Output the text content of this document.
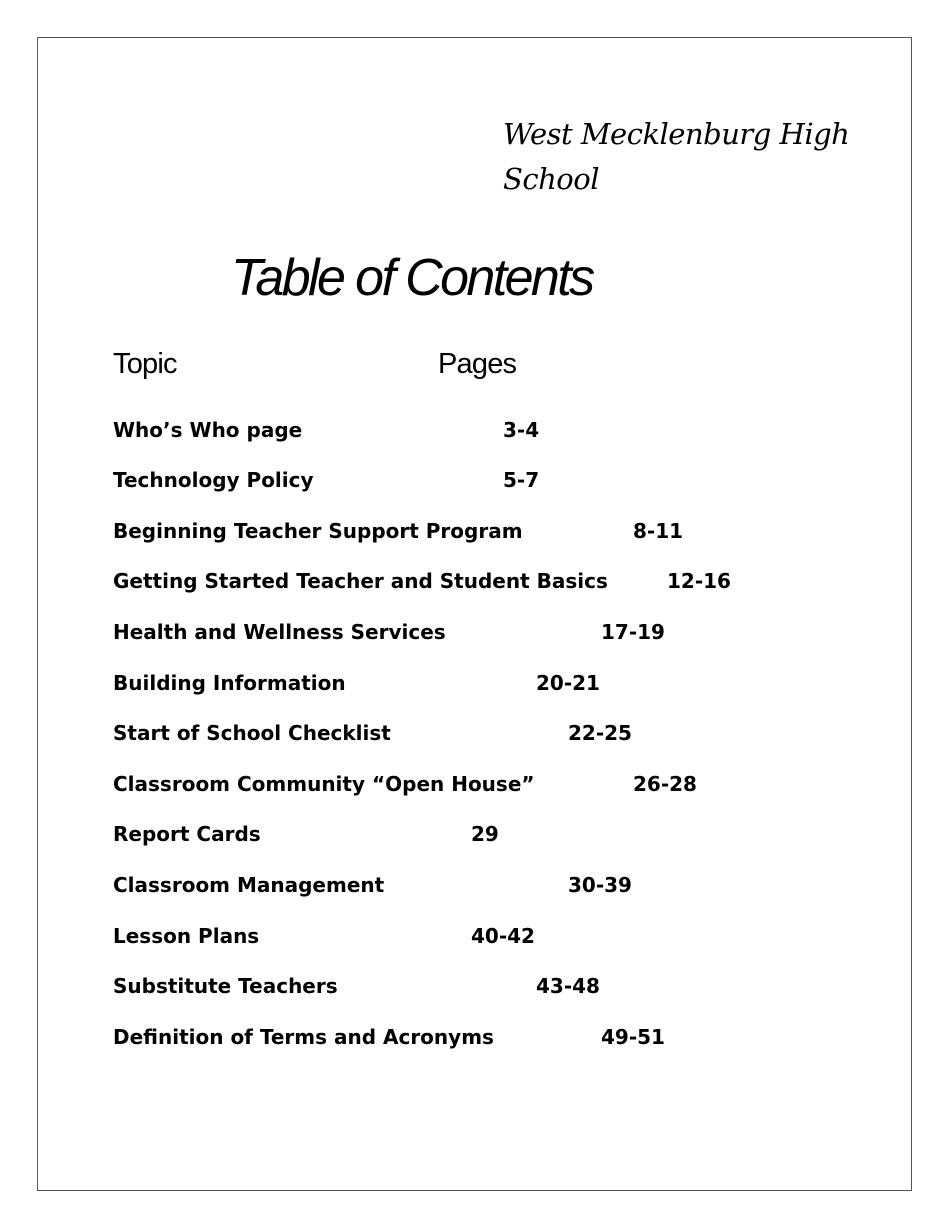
West Mecklenburg High School
Table of Contents
Topic	Pages
Who’s Who page	3-4
Technology Policy	5-7
Beginning Teacher Support Program	8-11
Getting Started Teacher and Student Basics	12-16
Health and Wellness Services	17-19
Building Information	20-21
Start of School Checklist	22-25
Classroom Community “Open House”	26-28
Report Cards	29
Classroom Management	30-39
Lesson Plans	40-42
Substitute Teachers	43-48
Definition of Terms and Acronyms	49-51
